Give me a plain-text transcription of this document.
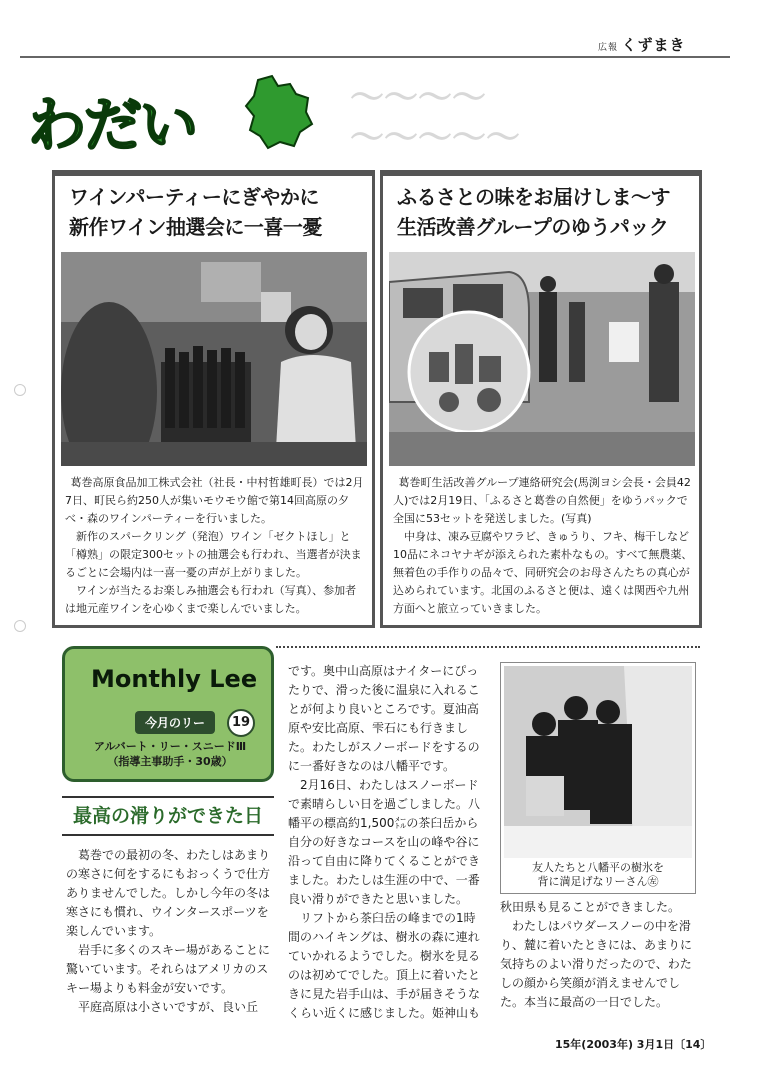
広報 くずまき
わだい	〜〜〜〜
〜〜〜〜〜
ワインパーティーにぎやかに
新作ワイン抽選会に一喜一憂

葛巻高原食品加工株式会社（社長・中村哲雄町長）では2月7日、町民ら約250人が集いモウモウ館で第14回高原の夕べ・森のワインパーティーを行いました。

新作のスパークリング（発泡）ワイン「ゼクトほし」と「樽熟」の限定300セットの抽選会も行われ、当選者が決まるごとに会場内は一喜一憂の声が上がりました。

ワインが当たるお楽しみ抽選会も行われ（写真）、参加者は地元産ワインを心ゆくまで楽しんでいました。

ふるさとの味をお届けしま～す
生活改善グループのゆうパック

葛巻町生活改善グループ連絡研究会(馬渕ヨシ会長・会員42人)では2月19日、「ふるさと葛巻の自然便」をゆうパックで全国に53セットを発送しました。(写真)

中身は、凍み豆腐やワラビ、きゅうり、フキ、梅干しなど10品にネコヤナギが添えられた素朴なもの。すべて無農薬、無着色の手作りの品々で、同研究会のお母さんたちの真心が込められています。北国のふるさと便は、遠くは関西や九州方面へと旅立っていきました。

Monthly Lee
今月のリー	19
アルバート・リー・スニードⅢ
（指導主事助手・30歳）
最高の滑りができた日

葛巻での最初の冬、わたしはあまりの寒さに何をするにもおっくうで仕方ありませんでした。しかし今年の冬は寒さにも慣れ、ウインタースポーツを楽しんでいます。

岩手に多くのスキー場があることに驚いています。それらはアメリカのスキー場よりも料金が安いです。

平庭高原は小さいですが、良い丘

です。奥中山高原はナイターにぴったりで、滑った後に温泉に入れることが何より良いところです。夏油高原や安比高原、雫石にも行きました。わたしがスノーボードをするのに一番好きなのは八幡平です。

2月16日、わたしはスノーボードで素晴らしい日を過ごしました。八幡平の標高約1,500㍍の茶臼岳から自分の好きなコースを山の峰や谷に沿って自由に降りてくることができました。わたしは生涯の中で、一番良い滑りができたと思いました。

リフトから茶臼岳の峰までの1時間のハイキングは、樹氷の森に連れていかれるようでした。樹氷を見るのは初めてでした。頂上に着いたときに見た岩手山は、手が届きそうなくらい近くに感じました。姫神山も

友人たちと八幡平の樹氷を
背に満足げなリーさん㊧

秋田県も見ることができました。

わたしはパウダースノーの中を滑り、麓に着いたときには、あまりに気持ちのよい滑りだったので、わたしの顔から笑顔が消えませんでした。本当に最高の一日でした。

15年(2003年) 3月1日〔14〕
